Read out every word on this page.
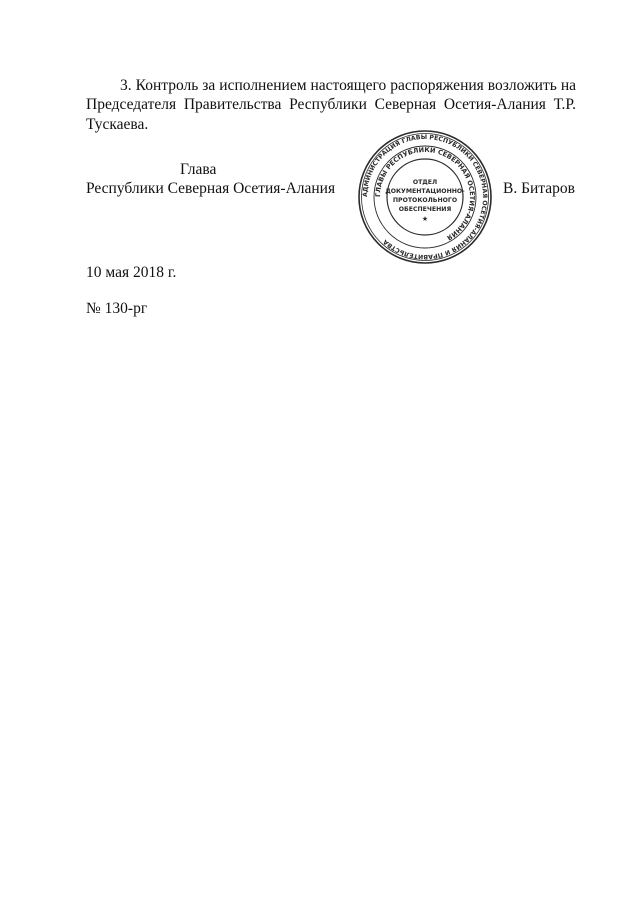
3. Контроль за исполнением настоящего распоряжения возложить на Председателя Правительства Республики Северная Осетия-Алания Т.Р. Тускаева.

Глава
Республики Северная Осетия-Алания	В. Битаров
АДМИНИСТРАЦИЯ ГЛАВЫ РЕСПУБЛИКИ СЕВЕРНАЯ ОСЕТИЯ-АЛАНИЯ И ПРАВИТЕЛЬСТВА
ГЛАВЫ РЕСПУБЛИКИ СЕВЕРНАЯ ОСЕТИЯ-АЛАНИЯ
ОТДЕЛ
ДОКУМЕНТАЦИОННО-
ПРОТОКОЛЬНОГО
ОБЕСПЕЧЕНИЯ
★
10 мая 2018 г.
№ 130-рг
